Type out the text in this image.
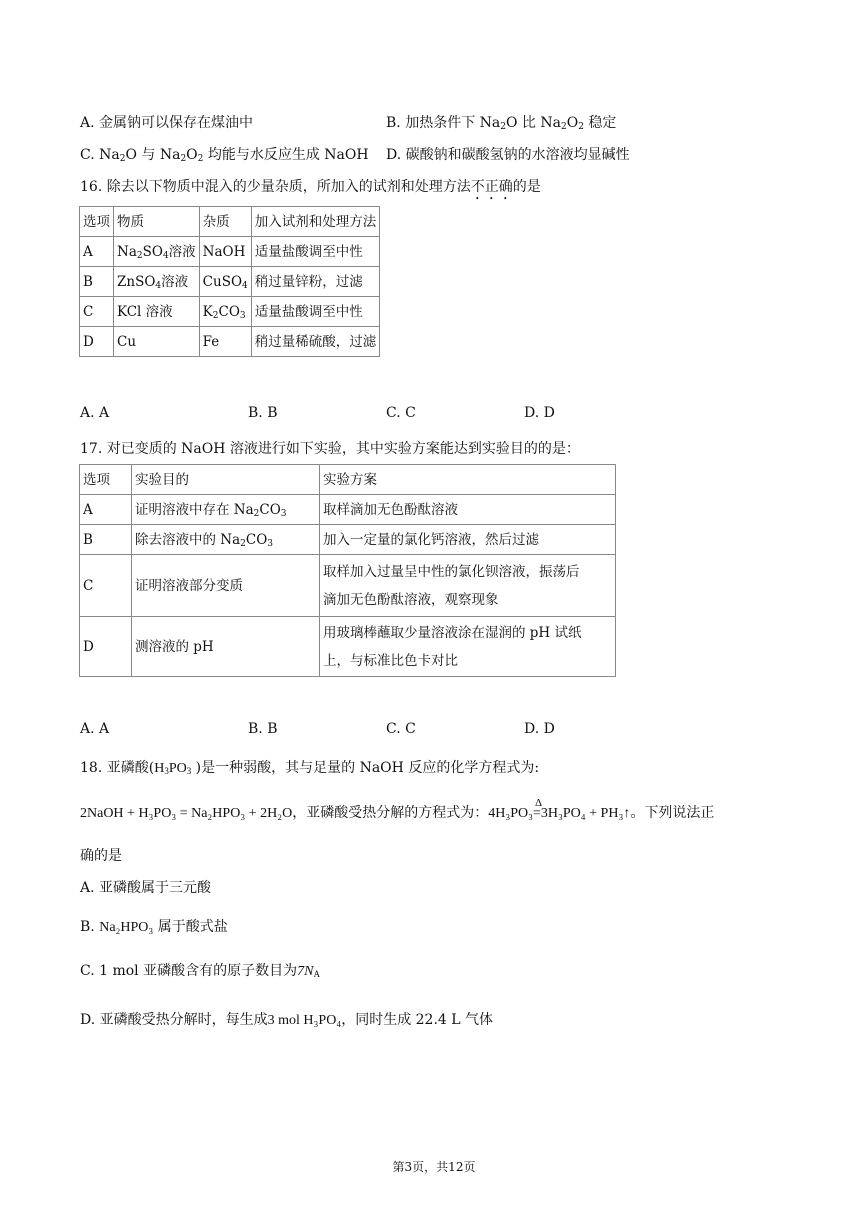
A. 金属钠可以保存在煤油中	B. 加热条件下 $Na_2O$ 比 $Na_2O_2$ 稳定
C. $Na_2O$ 与 $Na_2O_2$ 均能与水反应生成 NaOH D. 碳酸钠和碳酸氢钠的水溶液均显碱性
16. 除去以下物质中混入的少量杂质，所加入的试剂和处理方法不正确的是
选项	物质	杂质	加入试剂和处理方法
A	$Na_2SO_4$溶液	NaOH	适量盐酸调至中性
B	ZnSO$_4$溶液	CuSO$_4$	稍过量锌粉，过滤
C	KCl 溶液	$K_2CO_3$	适量盐酸调至中性
D	Cu	Fe	稍过量稀硫酸，过滤
A. A	B. B	C. C	D. D
17. 对已变质的 NaOH 溶液进行如下实验，其中实验方案能达到实验目的的是：
选项	实验目的	实验方案
A	证明溶液中存在 $Na_2CO_3$	取样滴加无色酚酞溶液
B	除去溶液中的 $Na_2CO_3$	加入一定量的氯化钙溶液，然后过滤
C	证明溶液部分变质	取样加入过量呈中性的氯化钡溶液，振荡后
滴加无色酚酞溶液，观察现象

D	测溶液的 pH	用玻璃棒蘸取少量溶液涂在湿润的 pH 试纸
上，与标准比色卡对比
A. A	B. B	C. C	D. D
18. 亚磷酸($H_3PO_3$ )是一种弱酸，其与足量的 NaOH 反应的化学方程式为:
2NaOH + H₃PO₃ = Na₂HPO₃ + 2H₂O，亚磷酸受热分解的方程式为：4H₃PO₃
Δ
=3H₃PO₄ + PH₃↑。下列说法正
确的是
A. 亚磷酸属于三元酸
B. Na₂HPO₃ 属于酸式盐
C. 1 mol 亚磷酸含有的原子数目为$7N_A$
D. 亚磷酸受热分解时，每生成3 mol H₃PO₄，同时生成 22.4 L 气体
第3页，共12页
